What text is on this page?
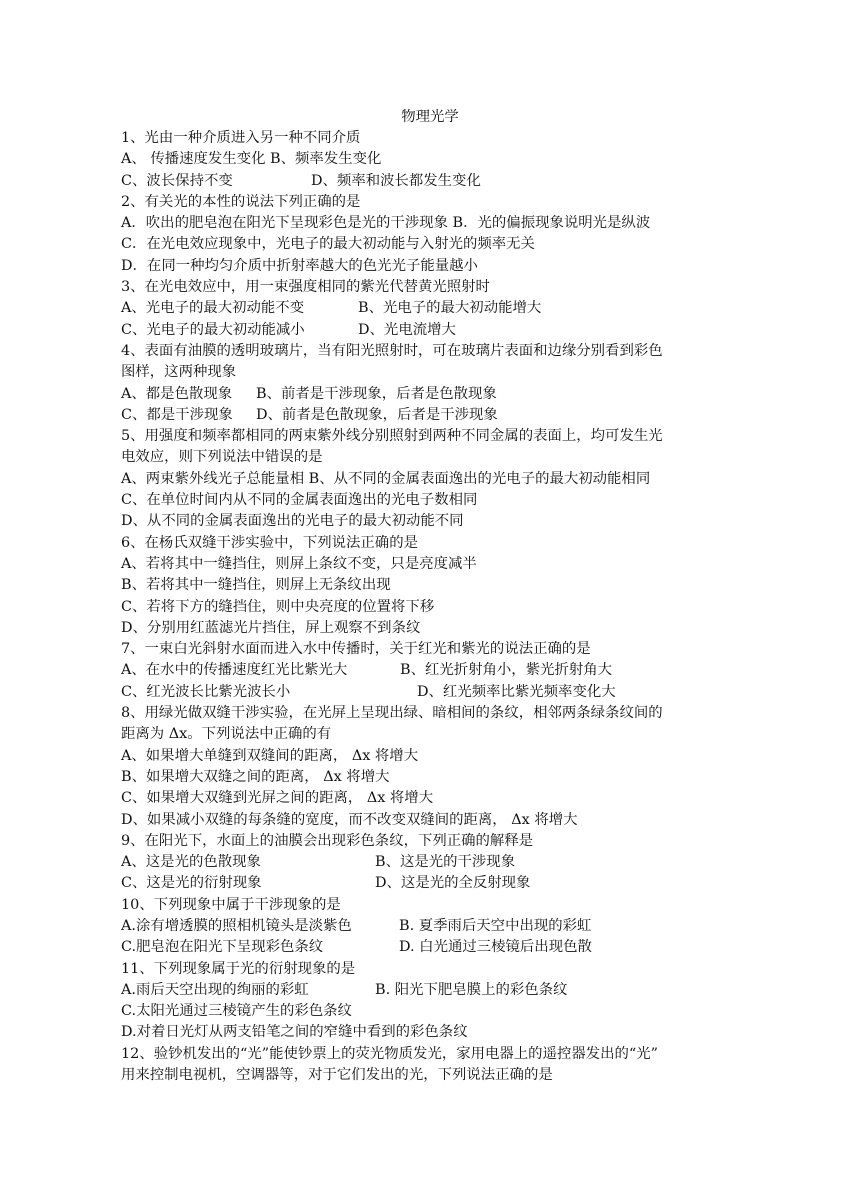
物理光学
1、光由一种介质进入另一种不同介质
A、 传播速度发生变化 B、频率发生变化
C、波长保持不变	D、频率和波长都发生变化
2、有关光的本性的说法下列正确的是
A．吹出的肥皂泡在阳光下呈现彩色是光的干涉现象 B．光的偏振现象说明光是纵波
C．在光电效应现象中，光电子的最大初动能与入射光的频率无关
D．在同一种均匀介质中折射率越大的色光光子能量越小
3、在光电效应中，用一束强度相同的紫光代替黄光照射时
A、光电子的最大初动能不变	B、光电子的最大初动能增大
C、光电子的最大初动能减小	D、光电流增大
4、表面有油膜的透明玻璃片，当有阳光照射时，可在玻璃片表面和边缘分别看到彩色
图样，这两种现象
A、都是色散现象 B、前者是干涉现象，后者是色散现象
C、都是干涉现象 D、前者是色散现象，后者是干涉现象
5、用强度和频率都相同的两束紫外线分别照射到两种不同金属的表面上，均可发生光
电效应，则下列说法中错误的是
A、两束紫外线光子总能量相 B、从不同的金属表面逸出的光电子的最大初动能相同
C、在单位时间内从不同的金属表面逸出的光电子数相同
D、从不同的金属表面逸出的光电子的最大初动能不同
6、在杨氏双缝干涉实验中，下列说法正确的是
A、若将其中一缝挡住，则屏上条纹不变，只是亮度减半
B、若将其中一缝挡住，则屏上无条纹出现
C、若将下方的缝挡住，则中央亮度的位置将下移
D、分别用红蓝滤光片挡住，屏上观察不到条纹
7、一束白光斜射水面而进入水中传播时，关于红光和紫光的说法正确的是
A、在水中的传播速度红光比紫光大	B、红光折射角小，紫光折射角大
C、红光波长比紫光波长小	D、红光频率比紫光频率变化大
8、用绿光做双缝干涉实验，在光屏上呈现出绿、暗相间的条纹，相邻两条绿条纹间的
距离为 Δx。下列说法中正确的有
A、如果增大单缝到双缝间的距离， Δx 将增大
B、如果增大双缝之间的距离， Δx 将增大
C、如果增大双缝到光屏之间的距离， Δx 将增大
D、如果减小双缝的每条缝的宽度，而不改变双缝间的距离， Δx 将增大
9、在阳光下，水面上的油膜会出现彩色条纹，下列正确的解释是
A、这是光的色散现象	B、这是光的干涉现象
C、这是光的衍射现象	D、这是光的全反射现象
10、下列现象中属于干涉现象的是
A.涂有增透膜的照相机镜头是淡紫色	B. 夏季雨后天空中出现的彩虹
C.肥皂泡在阳光下呈现彩色条纹	D. 白光通过三棱镜后出现色散
11、下列现象属于光的衍射现象的是
A.雨后天空出现的绚丽的彩虹	B. 阳光下肥皂膜上的彩色条纹
C.太阳光通过三棱镜产生的彩色条纹
D.对着日光灯从两支铅笔之间的窄缝中看到的彩色条纹
12、验钞机发出的“光”能使钞票上的荧光物质发光，家用电器上的遥控器发出的“光”
用来控制电视机，空调器等，对于它们发出的光，下列说法正确的是
